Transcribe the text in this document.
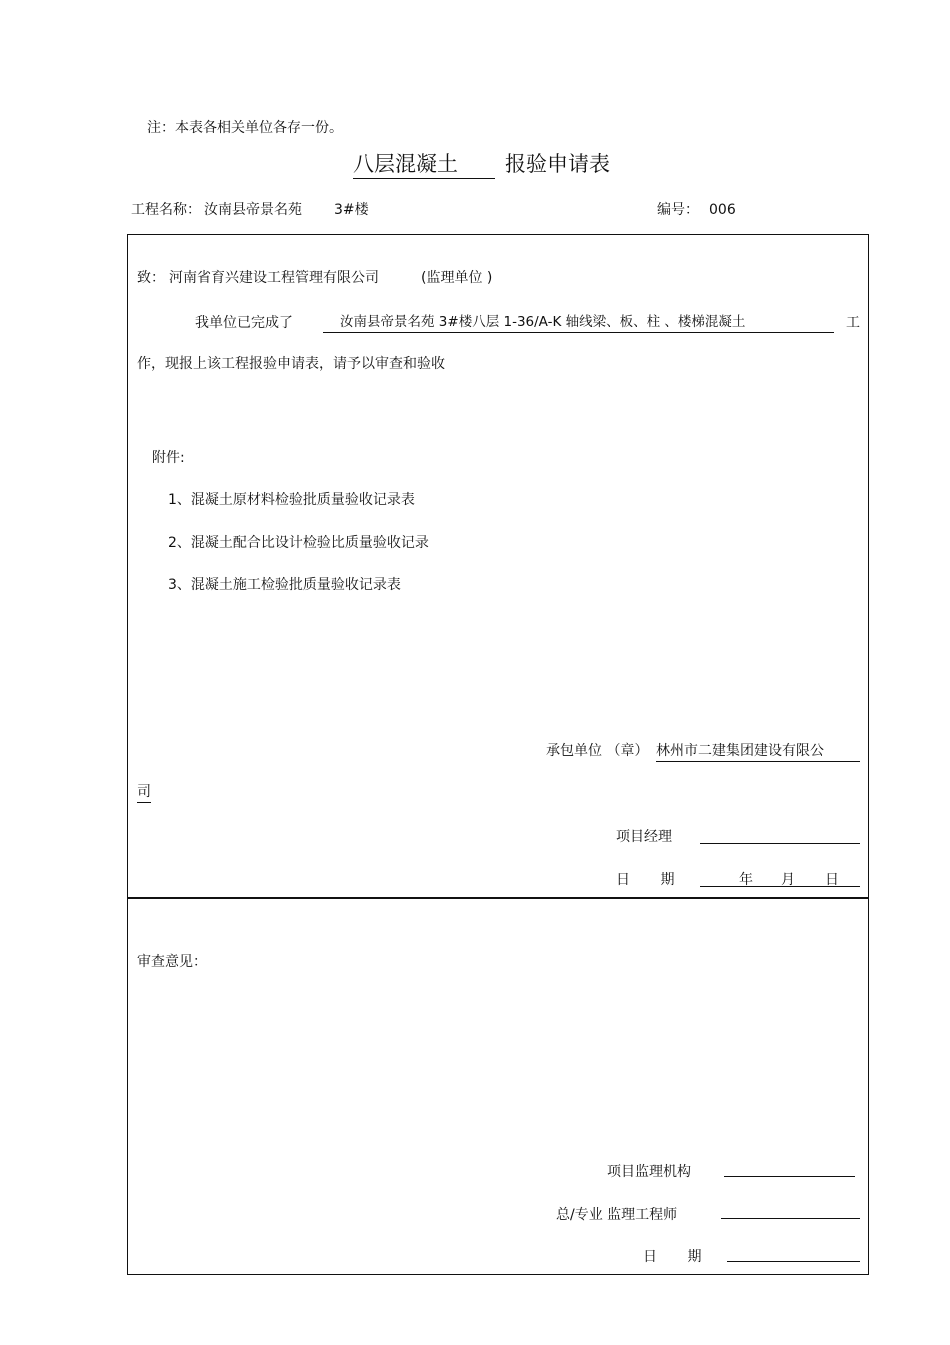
注：本表各相关单位各存一份。
八层混凝土	报验申请表
工程名称： 汝南县帝景名苑 3#楼	编号： 006
致： 河南省育兴建设工程管理有限公司	(监理单位 )
我单位已完成了	汝南县帝景名苑 3#楼八层 1-36/A-K 轴线梁、板、柱 、楼梯混凝土	工
作，现报上该工程报验申请表，请予以审查和验收
附件:
1、混凝土原材料检验批质量验收记录表
2、混凝土配合比设计检验比质量验收记录
3、混凝土施工检验批质量验收记录表
承包单位 （章） 林州市二建集团建设有限公
司
项目经理
日 期	年 月 日
审查意见：
项目监理机构
总/专业 监理工程师
日 期
